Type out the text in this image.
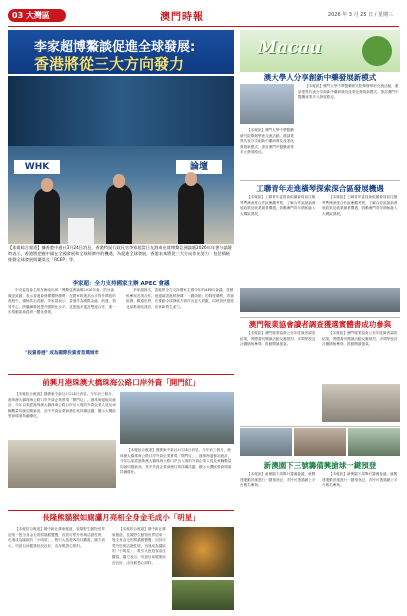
03 大灣區	澳門時報	2026 年 3 月 25 日 / 星期三
李家超博鰲談促進全球發展:
香港將從三大方向發力
WHK	論壇
【本報綜合報道】據香港中通社3月24日消息，香港特區行政長官李家超當日在海南出席博鰲亞洲論壇2026年年會分論壇時表示，香港將把握中國在全國發展和全球經濟中的機遇，為促進全球發展，香港未來將從三大方向作出努力：包括積極推動全球發展與繁榮及「RCEP」等。
李家超：全力支持國家主辦 APEC 會議

中央委員會主席在海南出席「博鰲亞洲論壇2026年會」的分論壇並致辭，表示香港會發揮獨特優勢，在國家推進高水平對外開放的進程中，積極作出貢獻。李家超表示，香港作為國際金融、航運、貿易中心，將繼續鞏固提升國際化水平，並透過多邊及雙邊合作，進一步推動區域經濟一體化發展。

李家超指出，香港將全力支持國家主辦今年的APEC會議，並積極參與各項合作。他強調香港將發揮「一國兩制」的制度優勢，背靠祖國、聯通世界，在推動全球發展方面作出更大貢獻，同時加快推進北部都會區建設，培育新質生產力。

"投資香港" 成為國際投資者首選城市
前興月港珠澳大橋珠海公路口岸外資「開門紅」

【本報綜合報道】據廣東中新社3月24日消息，今年前三個月，港珠澳大橋珠海公路口岸外資企業實現「開門紅」。據珠海邊檢站統計，今年以來經港珠澳大橋珠海公路口岸出入境的外資企業人員及車輛數量均創同期新高，其中外資企業商務往來持續活躍，顯示大灣區營商環境持續優化。

【本報綜合報道】據廣東中新社3月24日消息，今年前三個月，港珠澳大橋珠海公路口岸外資企業實現「開門紅」。據珠海邊檢站統計，今年以來經港珠澳大橋珠海公路口岸出入境的外資企業人員及車輛數量均創同期新高，其中外資企業商務往來持續活躍，顯示大灣區營商環境持續優化。

長隆熊貓猴如廁瀟月亮相全身金毛成小「明星」

【本報綜合報道】據中新社廣東報道，長隆野生動物世界迎來一隻全身金毛的熊貓猴寶寶，因其可愛外形與活潑性格，迅速成為園區的「小明星」，吸引大批遊客前往觀賞。園方表示，幼崽目前健康狀況良好，由母猴悉心照料。

【本報綜合報道】據中新社廣東報道，長隆野生動物世界迎來一隻全身金毛的熊貓猴寶寶，因其可愛外形與活潑性格，迅速成為園區的「小明星」，吸引大批遊客前往觀賞。園方表示，幼崽目前健康狀況良好，由母猴悉心照料。

Macau
澳大學人分享創新中藥發展新模式

【本報訊】澳門大學中華醫藥研究院舉辦學術交流活動，邀請業界代表分享創新中藥研發及產業化發展新模式，探討澳門中醫藥產業多元發展路徑。

【本報訊】澳門大學中華醫藥研究院舉辦學術交流活動，邀請業界代表分享創新中藥研發及產業化發展新模式，探討澳門中醫藥產業多元發展路徑。

工聯青年走進橫琴探索深合區發展機遇

【本報訊】工聯青年委員會組織會員前往橫琴粵澳深度合作區參觀考察，了解合作區最新發展政策及就業創業機遇，鼓勵澳門青年積極融入大灣區發展。

【本報訊】工聯青年委員會組織會員前往橫琴粵澳深度合作區參觀考察，了解合作區最新發展政策及就業創業機遇，鼓勵澳門青年積極融入大灣區發展。

澳門報業協會讀者調查獲選實體書成功參與

【本報訊】澳門報業協會公布年度讀者調查結果，實體書刊閱讀活動反應熱烈，多間學校及社團積極參與，推動閱讀風氣。

【本報訊】澳門報業協會公布年度讀者調查結果，實體書刊閱讀活動反應熱烈，多間學校及社團積極參與，推動閱讀風氣。

新澳園下三號籌備興搶球一鍵預登

【本報訊】新澳園下周舉行籌備會議，就興建運動設施進行一鍵預登記，市民可透過網上平台報名參與。

【本報訊】新澳園下周舉行籌備會議，就興建運動設施進行一鍵預登記，市民可透過網上平台報名參與。
